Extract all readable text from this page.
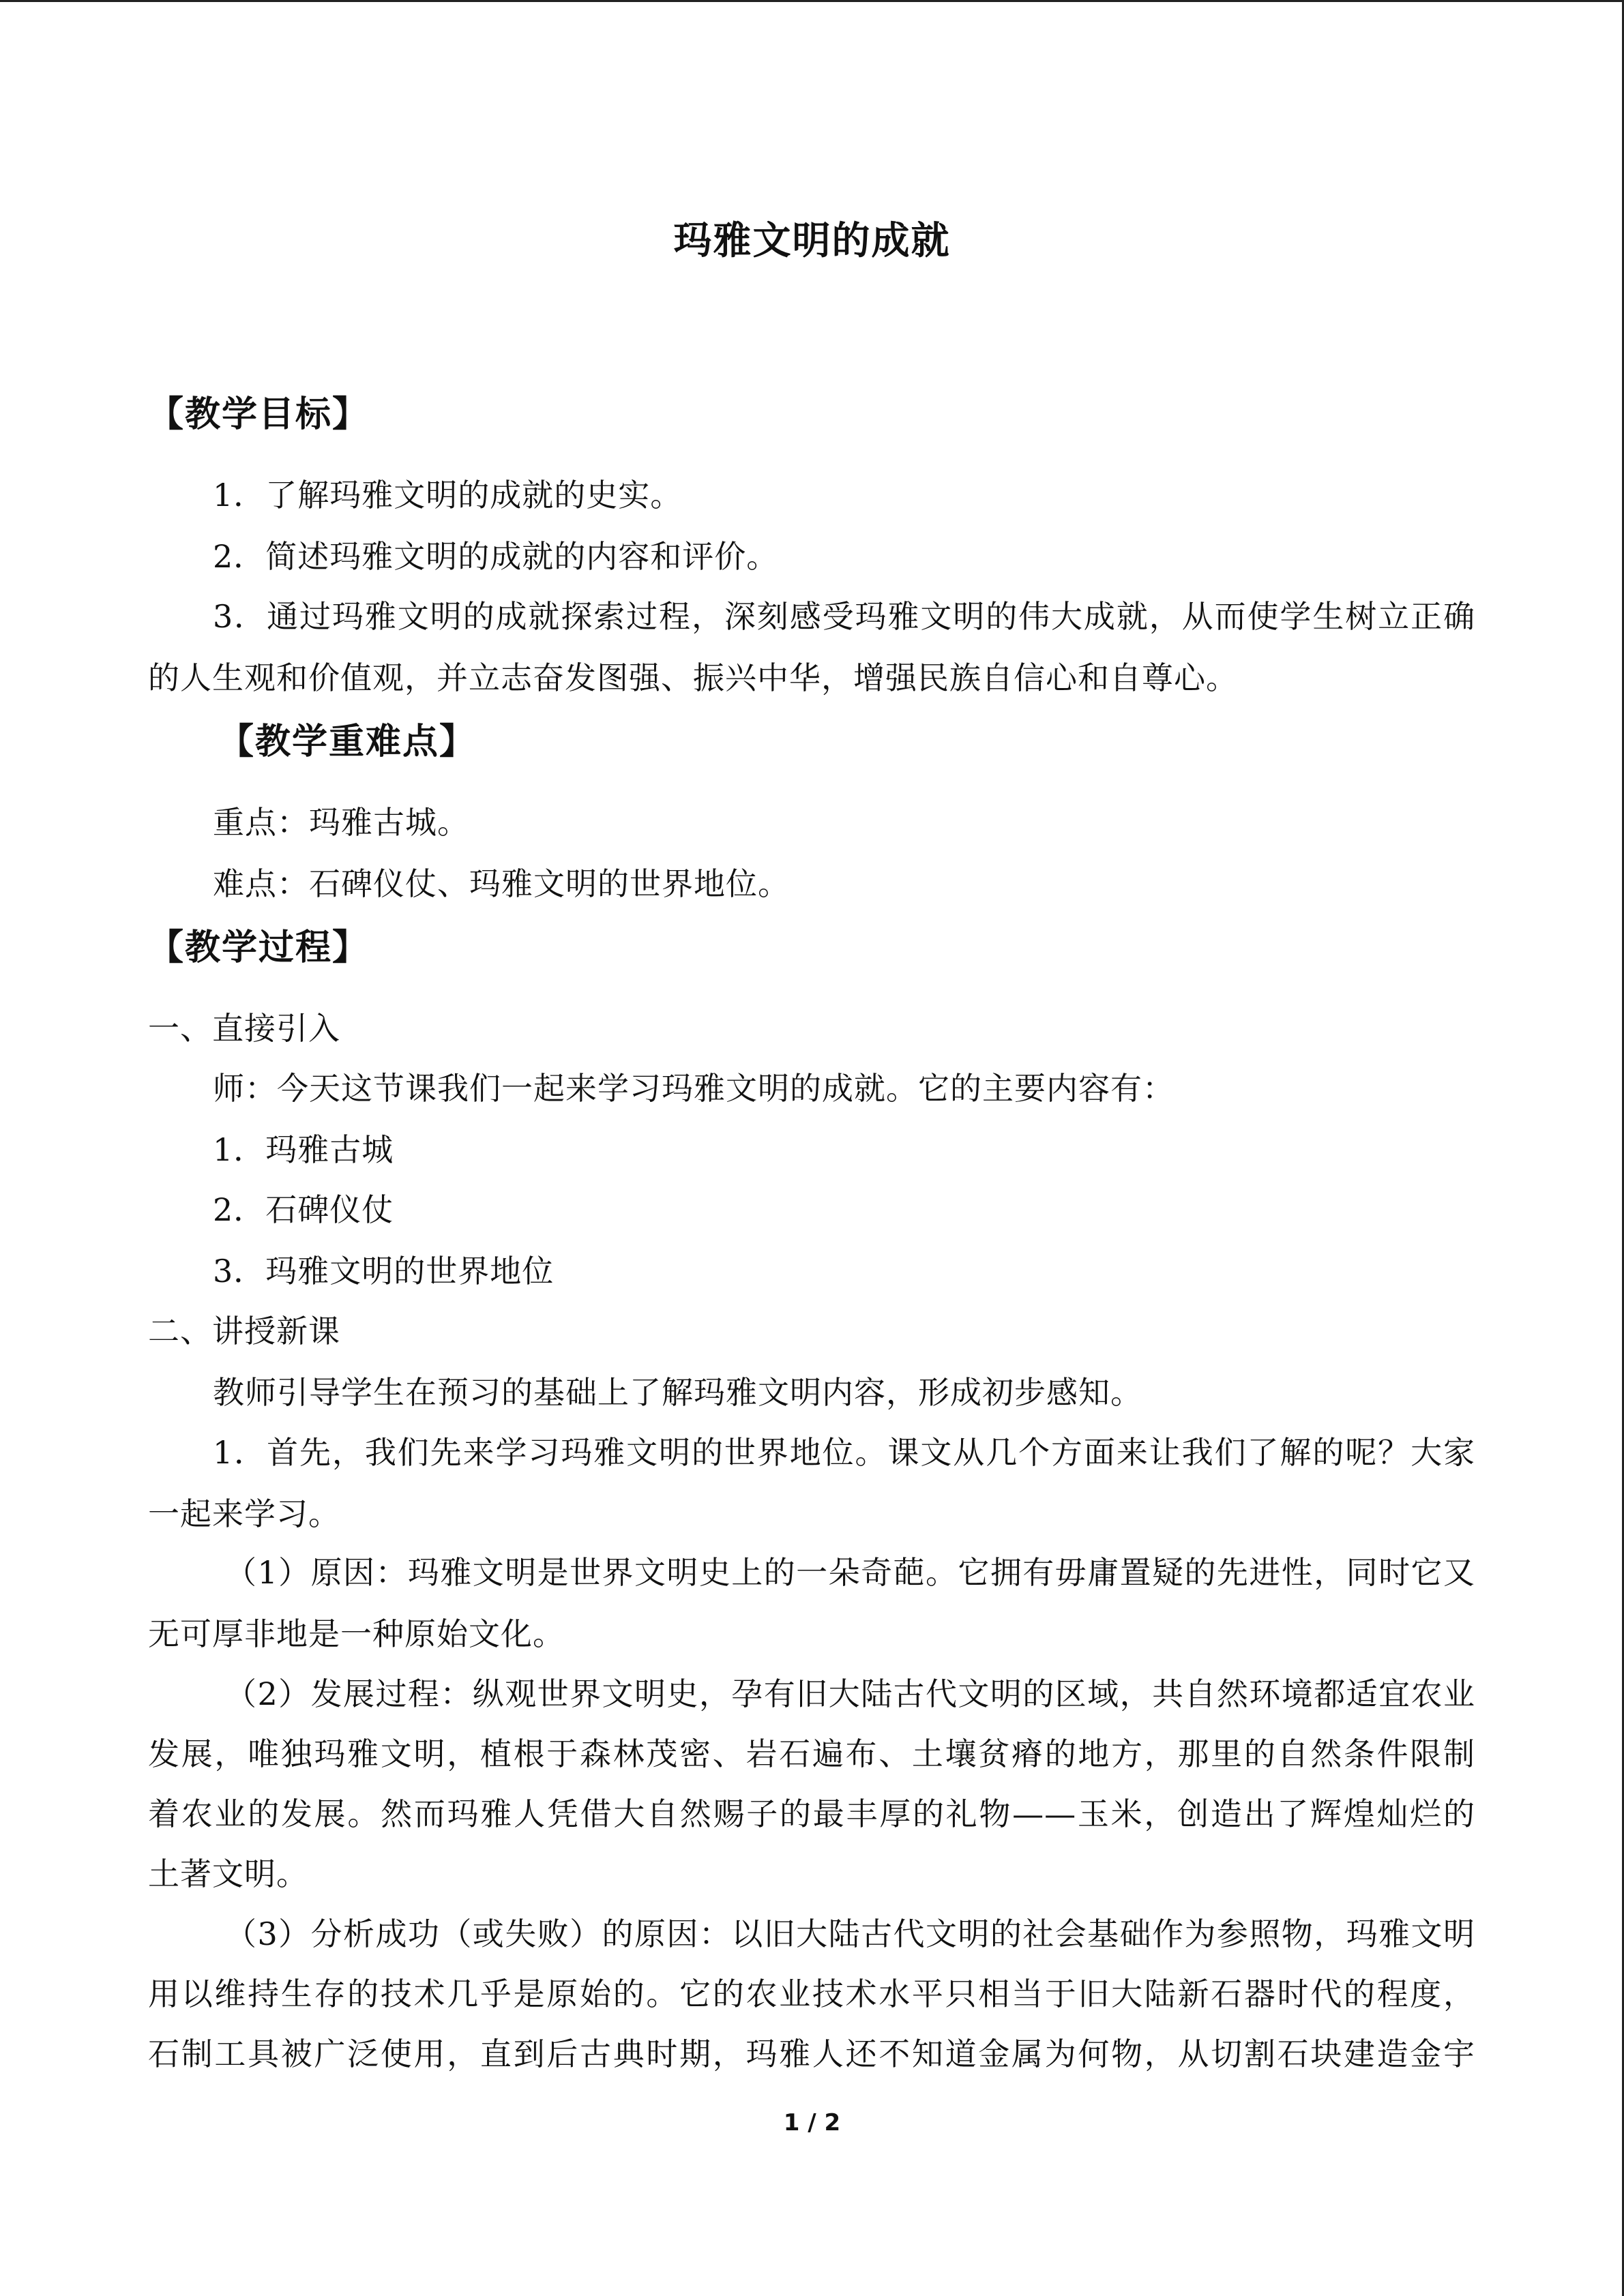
玛雅文明的成就
【教学目标】
1．了解玛雅文明的成就的史实。
2．简述玛雅文明的成就的内容和评价。
3．通过玛雅文明的成就探索过程，深刻感受玛雅文明的伟大成就，从而使学生树立正确
的人生观和价值观，并立志奋发图强、振兴中华，增强民族自信心和自尊心。
【教学重难点】
重点：玛雅古城。
难点：石碑仪仗、玛雅文明的世界地位。
【教学过程】
一、直接引入
师：今天这节课我们一起来学习玛雅文明的成就。它的主要内容有：
1．玛雅古城
2．石碑仪仗
3．玛雅文明的世界地位
二、讲授新课
教师引导学生在预习的基础上了解玛雅文明内容，形成初步感知。
1．首先，我们先来学习玛雅文明的世界地位。课文从几个方面来让我们了解的呢？大家
一起来学习。
（1）原因：玛雅文明是世界文明史上的一朵奇葩。它拥有毋庸置疑的先进性，同时它又
无可厚非地是一种原始文化。
（2）发展过程：纵观世界文明史，孕有旧大陆古代文明的区域，共自然环境都适宜农业
发展，唯独玛雅文明，植根于森林茂密、岩石遍布、土壤贫瘠的地方，那里的自然条件限制
着农业的发展。然而玛雅人凭借大自然赐子的最丰厚的礼物——玉米，创造出了辉煌灿烂的
土著文明。
（3）分析成功（或失败）的原因：以旧大陆古代文明的社会基础作为参照物，玛雅文明
用以维持生存的技术几乎是原始的。它的农业技术水平只相当于旧大陆新石器时代的程度，
石制工具被广泛使用，直到后古典时期，玛雅人还不知道金属为何物，从切割石块建造金宇
1 / 2
